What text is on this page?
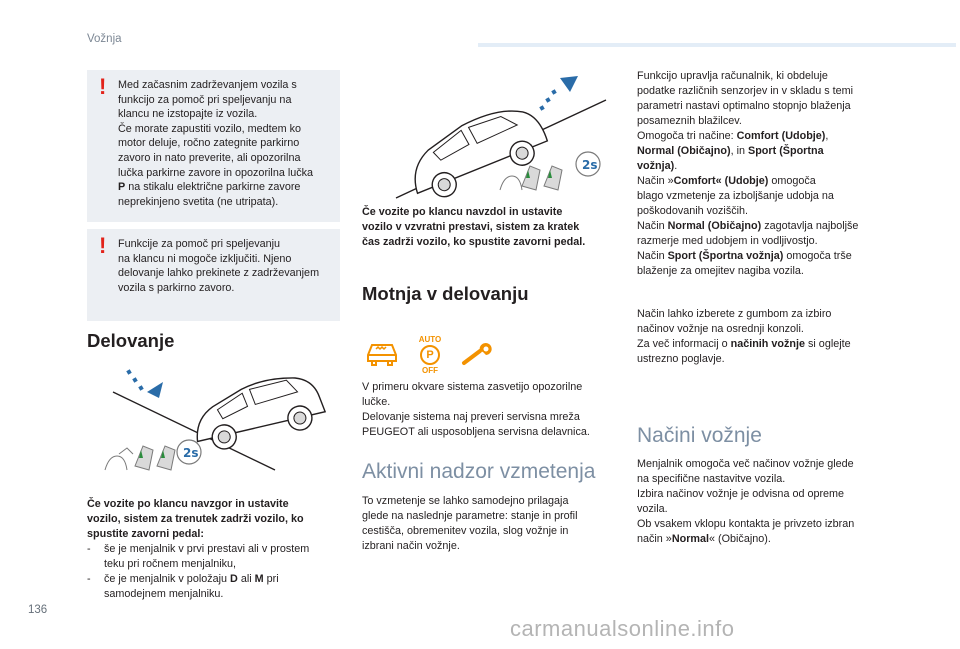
Vožnja
! Med začasnim zadrževanjem vozila s

funkcijo za pomoč pri speljevanju na

klancu ne izstopajte iz vozila.

Če morate zapustiti vozilo, medtem ko

motor deluje, ročno zategnite parkirno

zavoro in nato preverite, ali opozorilna

lučka parkirne zavore in opozorilna lučka

P na stikalu električne parkirne zavore

neprekinjeno svetita (ne utripata).

! Funkcije za pomoč pri speljevanju

na klancu ni mogoče izključiti. Njeno

delovanje lahko prekinete z zadrževanjem

vozila s parkirno zavoro.

Delovanje
2s
Če vozite po klancu navzgor in ustavite
vozilo, sistem za trenutek zadrži vozilo, ko
spustite zavorni pedal:
- še je menjalnik v prvi prestavi ali v prostem
teku pri ročnem menjalniku,
- če je menjalnik v položaju D ali M pri
samodejnem menjalniku.
2s
Če vozite po klancu navzdol in ustavite
vozilo v vzvratni prestavi, sistem za kratek
čas zadrži vozilo, ko spustite zavorni pedal.
Motnja v delovanju
AUTO
P
OFF

V primeru okvare sistema zasvetijo opozorilne

lučke.

Delovanje sistema naj preveri servisna mreža

PEUGEOT ali usposobljena servisna delavnica.

Aktivni nadzor vzmetenja

To vzmetenje se lahko samodejno prilagaja

glede na naslednje parametre: stanje in profil

cestišča, obremenitev vozila, slog vožnje in

izbrani način vožnje.

Funkcijo upravlja računalnik, ki obdeluje

podatke različnih senzorjev in v skladu s temi

parametri nastavi optimalno stopnjo blaženja

posameznih blažilcev.

Omogoča tri načine: Comfort (Udobje),

Normal (Običajno), in Sport (Športna

vožnja).

Način »Comfort« (Udobje) omogoča

blago vzmetenje za izboljšanje udobja na

poškodovanih voziščih.

Način Normal (Običajno) zagotavlja najboljše

razmerje med udobjem in vodljivostjo.

Način Sport (Športna vožnja) omogoča trše

blaženje za omejitev nagiba vozila.

Način lahko izberete z gumbom za izbiro

načinov vožnje na osrednji konzoli.

Za več informacij o načinih vožnje si oglejte

ustrezno poglavje.

Načini vožnje

Menjalnik omogoča več načinov vožnje glede

na specifične nastavitve vozila.

Izbira načinov vožnje je odvisna od opreme

vozila.

Ob vsakem vklopu kontakta je privzeto izbran

način »Normal« (Običajno).

136
carmanualsonline.info
